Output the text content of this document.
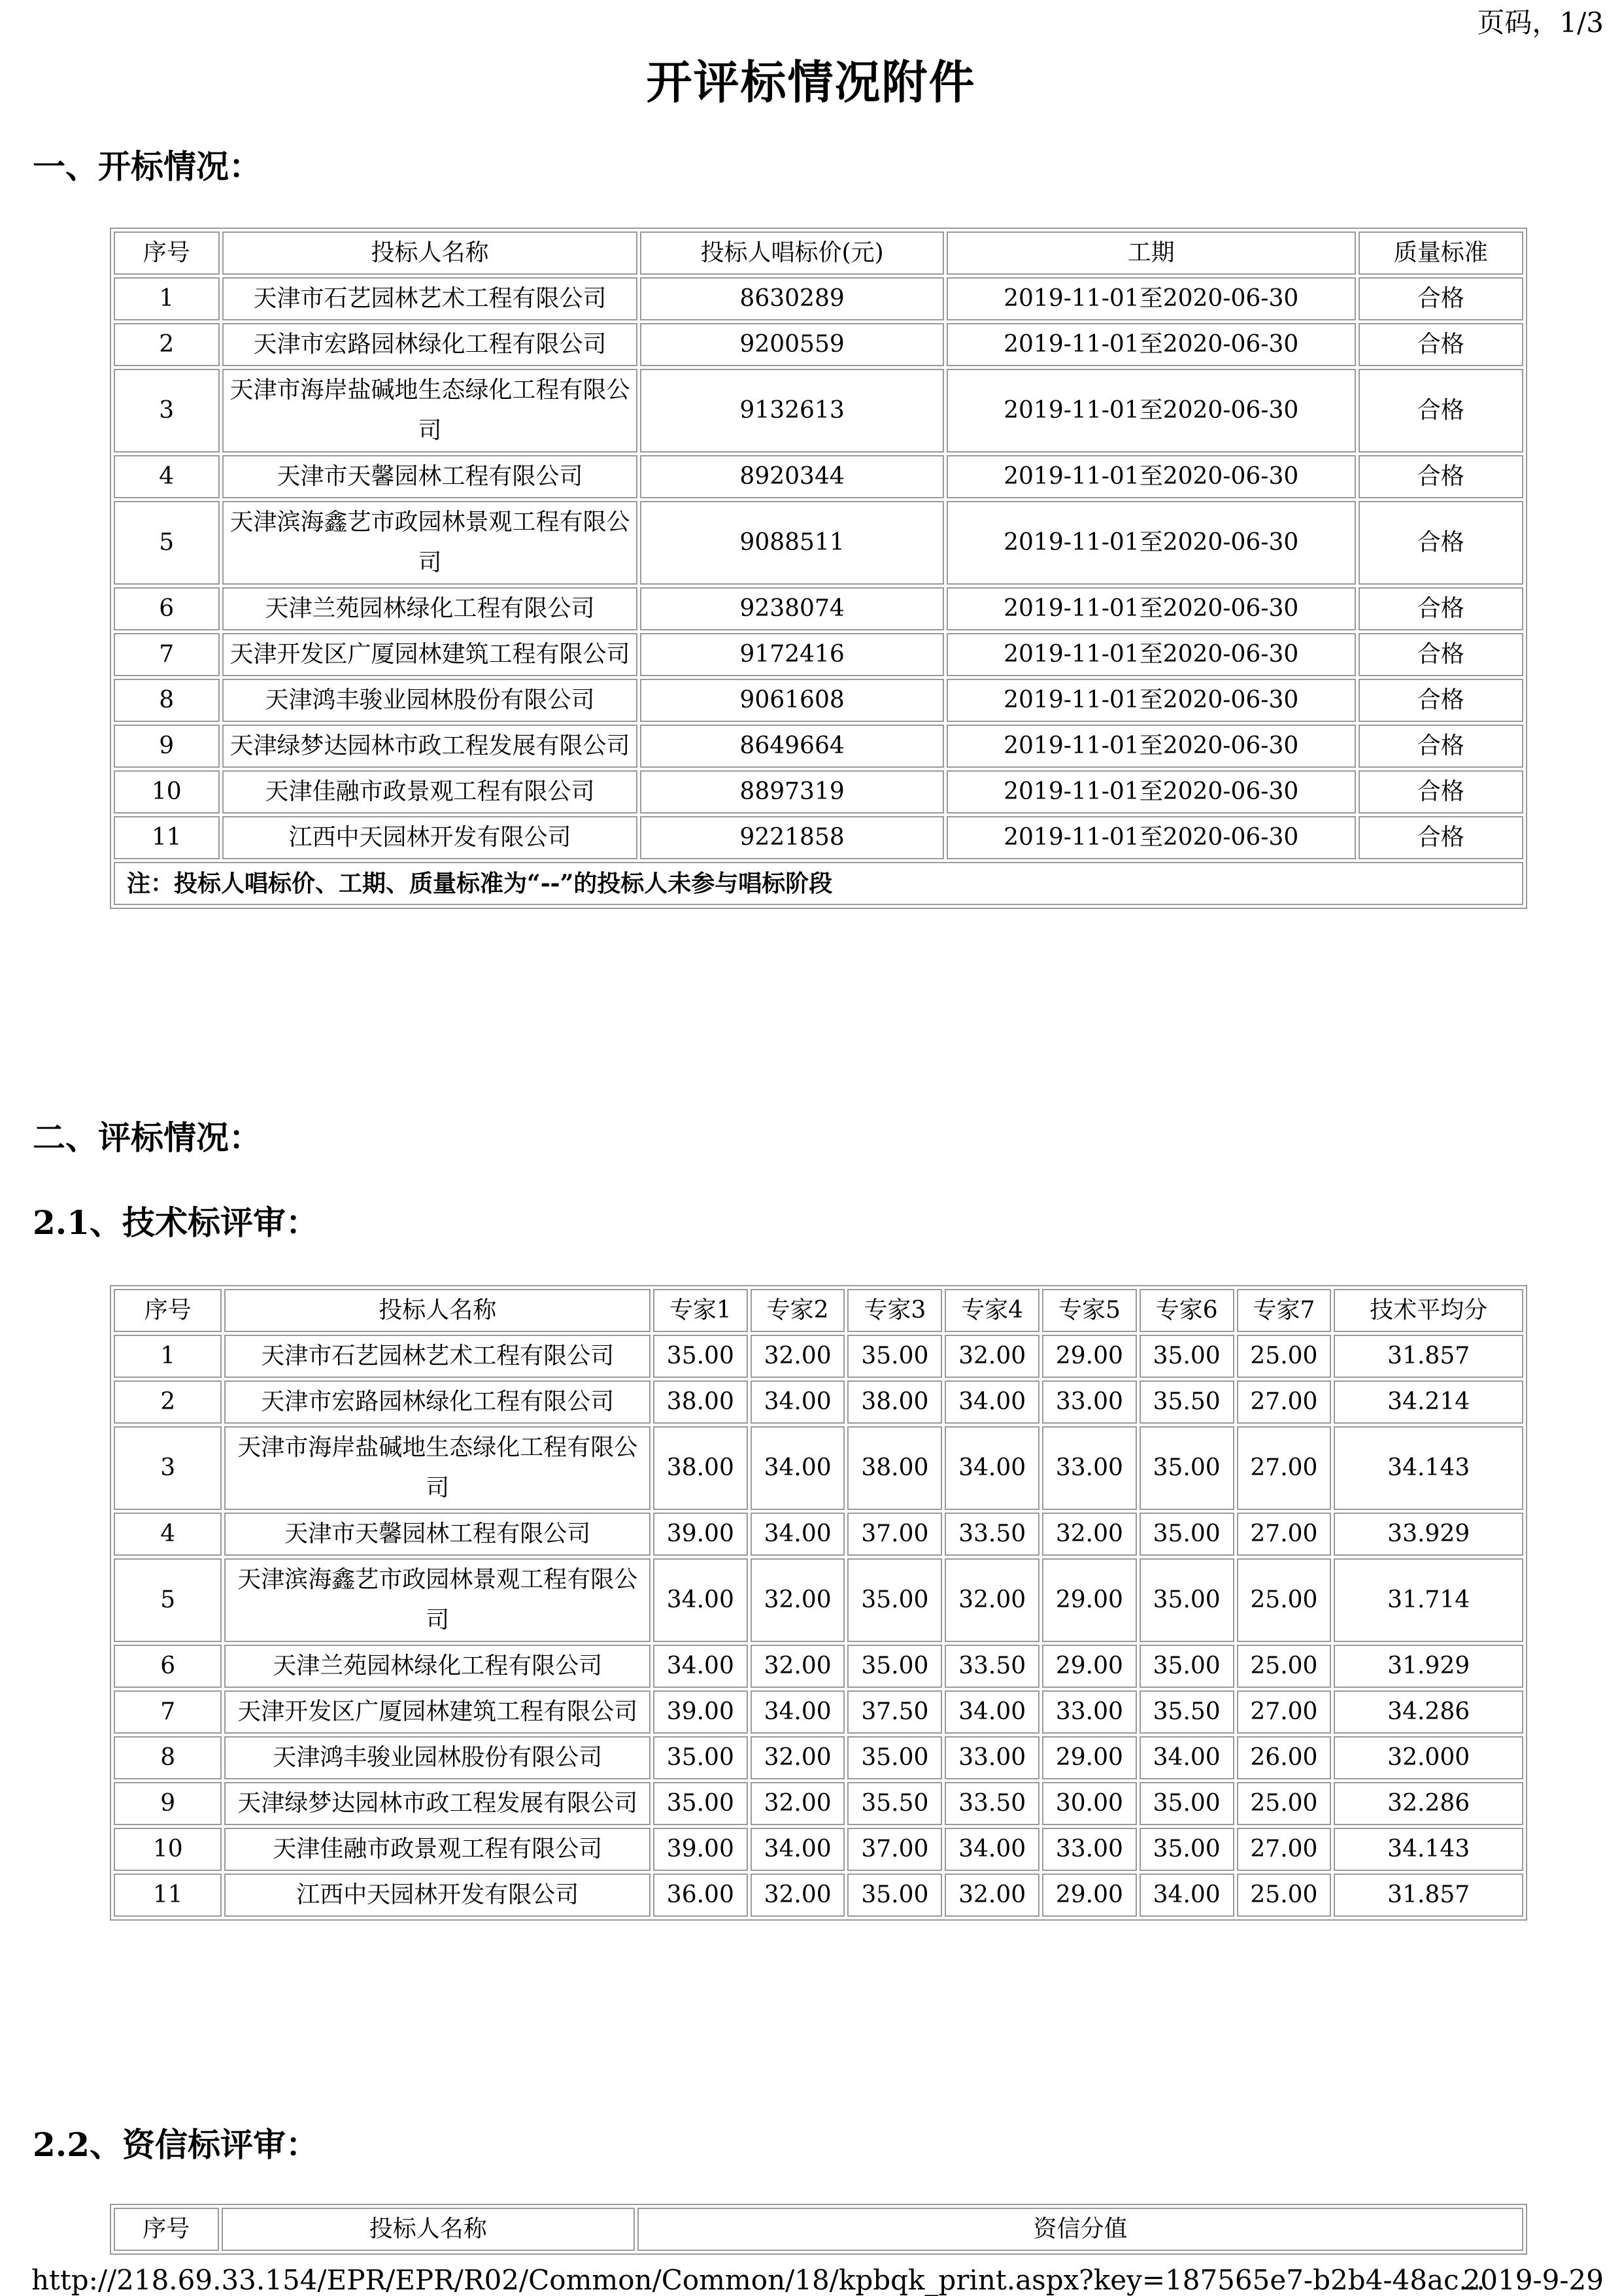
页码，1/3
开评标情况附件
一、开标情况：
序号	投标人名称	投标人唱标价(元)	工期	质量标准
1	天津市石艺园林艺术工程有限公司	8630289	2019-11-01至2020-06-30	合格
2	天津市宏路园林绿化工程有限公司	9200559	2019-11-01至2020-06-30	合格
3	天津市海岸盐碱地生态绿化工程有限公司	9132613	2019-11-01至2020-06-30	合格
4	天津市天馨园林工程有限公司	8920344	2019-11-01至2020-06-30	合格
5	天津滨海鑫艺市政园林景观工程有限公司	9088511	2019-11-01至2020-06-30	合格
6	天津兰苑园林绿化工程有限公司	9238074	2019-11-01至2020-06-30	合格
7	天津开发区广厦园林建筑工程有限公司	9172416	2019-11-01至2020-06-30	合格
8	天津鸿丰骏业园林股份有限公司	9061608	2019-11-01至2020-06-30	合格
9	天津绿梦达园林市政工程发展有限公司	8649664	2019-11-01至2020-06-30	合格
10	天津佳融市政景观工程有限公司	8897319	2019-11-01至2020-06-30	合格
11	江西中天园林开发有限公司	9221858	2019-11-01至2020-06-30	合格
注：投标人唱标价、工期、质量标准为“--”的投标人未参与唱标阶段				
二、评标情况：
2.1、技术标评审：
序号	投标人名称	专家1	专家2	专家3	专家4	专家5	专家6	专家7	技术平均分
1	天津市石艺园林艺术工程有限公司	35.00	32.00	35.00	32.00	29.00	35.00	25.00	31.857
2	天津市宏路园林绿化工程有限公司	38.00	34.00	38.00	34.00	33.00	35.50	27.00	34.214
3	天津市海岸盐碱地生态绿化工程有限公司	38.00	34.00	38.00	34.00	33.00	35.00	27.00	34.143
4	天津市天馨园林工程有限公司	39.00	34.00	37.00	33.50	32.00	35.00	27.00	33.929
5	天津滨海鑫艺市政园林景观工程有限公司	34.00	32.00	35.00	32.00	29.00	35.00	25.00	31.714
6	天津兰苑园林绿化工程有限公司	34.00	32.00	35.00	33.50	29.00	35.00	25.00	31.929
7	天津开发区广厦园林建筑工程有限公司	39.00	34.00	37.50	34.00	33.00	35.50	27.00	34.286
8	天津鸿丰骏业园林股份有限公司	35.00	32.00	35.00	33.00	29.00	34.00	26.00	32.000
9	天津绿梦达园林市政工程发展有限公司	35.00	32.00	35.50	33.50	30.00	35.00	25.00	32.286
10	天津佳融市政景观工程有限公司	39.00	34.00	37.00	34.00	33.00	35.00	27.00	34.143
11	江西中天园林开发有限公司	36.00	32.00	35.00	32.00	29.00	34.00	25.00	31.857
2.2、资信标评审：
序号	投标人名称	资信分值
http://218.69.33.154/EPR/EPR/R02/Common/Common/18/kpbqk_print.aspx?key=187565e7-b2b4-48ac...
2019-9-29
